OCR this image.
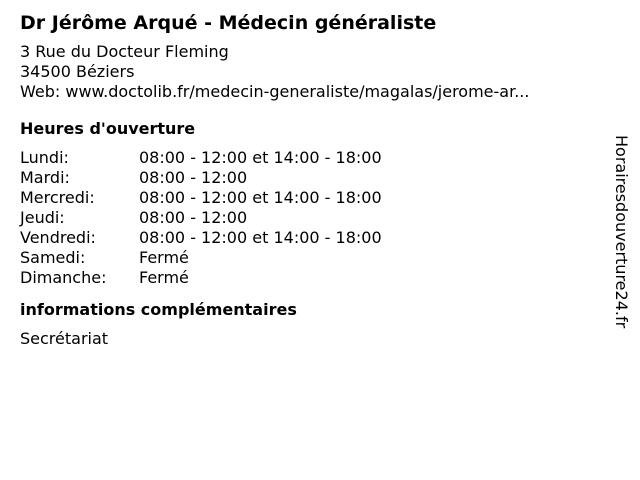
Dr Jérôme Arqué - Médecin généraliste
3 Rue du Docteur Fleming
34500 Béziers
Web: www.doctolib.fr/medecin-generaliste/magalas/jerome-ar...
Heures d'ouverture
Lundi:	08:00 - 12:00 et 14:00 - 18:00
Mardi:	08:00 - 12:00
Mercredi:	08:00 - 12:00 et 14:00 - 18:00
Jeudi:	08:00 - 12:00
Vendredi:	08:00 - 12:00 et 14:00 - 18:00
Samedi:	Fermé
Dimanche:	Fermé
informations complémentaires
Secrétariat
Horairesdouverture24.fr
